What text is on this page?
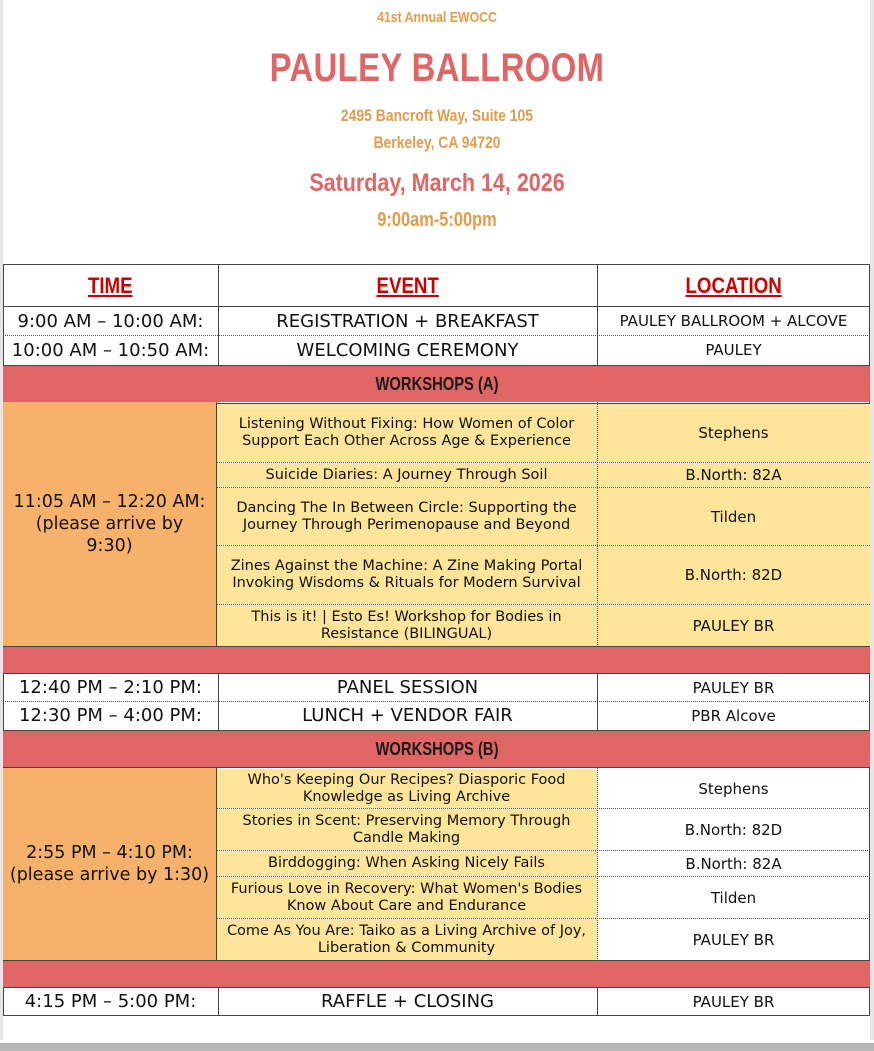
41st Annual EWOCC
PAULEY BALLROOM
2495 Bancroft Way, Suite 105
Berkeley, CA 94720
Saturday, March 14, 2026
9:00am-5:00pm
TIME	EVENT	LOCATION
9:00 AM – 10:00 AM:	REGISTRATION + BREAKFAST	PAULEY BALLROOM + ALCOVE
10:00 AM – 10:50 AM:	WELCOMING CEREMONY	PAULEY
WORKSHOPS (A)
11:05 AM – 12:20 AM:
(please arrive by
9:30)
Listening Without Fixing: How Women of Color Support Each Other Across Age & Experience	Stephens
Suicide Diaries: A Journey Through Soil	B.North: 82A
Dancing The In Between Circle: Supporting the Journey Through Perimenopause and Beyond	Tilden
Zines Against the Machine: A Zine Making Portal Invoking Wisdoms & Rituals for Modern Survival	B.North: 82D
This is it! | Esto Es! Workshop for Bodies in Resistance (BILINGUAL)	PAULEY BR
12:40 PM – 2:10 PM:	PANEL SESSION	PAULEY BR
12:30 PM – 4:00 PM:	LUNCH + VENDOR FAIR	PBR Alcove
WORKSHOPS (B)
2:55 PM – 4:10 PM:
(please arrive by 1:30)
Who's Keeping Our Recipes? Diasporic Food Knowledge as Living Archive	Stephens
Stories in Scent: Preserving Memory Through Candle Making	B.North: 82D
Birddogging: When Asking Nicely Fails	B.North: 82A
Furious Love in Recovery: What Women's Bodies Know About Care and Endurance	Tilden
Come As You Are: Taiko as a Living Archive of Joy, Liberation & Community	PAULEY BR
4:15 PM – 5:00 PM:	RAFFLE + CLOSING	PAULEY BR
